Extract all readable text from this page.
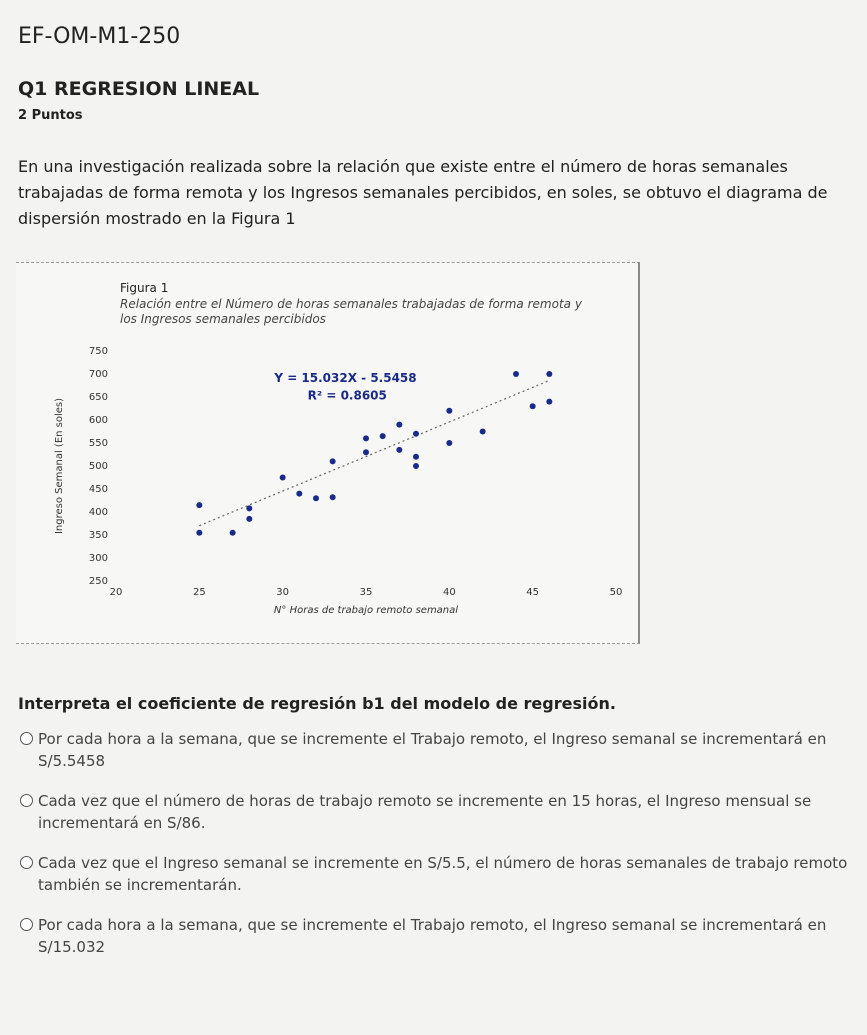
EF-OM-M1-250
Q1 REGRESION LINEAL
2 Puntos
En una investigación realizada sobre la relación que existe entre el número de horas semanales trabajadas de forma remota y los Ingresos semanales percibidos, en soles, se obtuvo el diagrama de dispersión mostrado en la Figura 1
Figura 1
Relación entre el Número de horas semanales trabajadas de forma remota y los Ingresos semanales percibidos
250
300
350
400
450
500
550
600
650
700
750
20	25	30	35	40	45	50
N° Horas de trabajo remoto semanal
Ingreso Semanal (En soles)
Y = 15.032X - 5.5458
R² = 0.8605
Interpreta el coeficiente de regresión b1 del modelo de regresión.
Por cada hora a la semana, que se incremente el Trabajo remoto, el Ingreso semanal se incrementará en S/5.5458
Cada vez que el número de horas de trabajo remoto se incremente en 15 horas, el Ingreso mensual se incrementará en S/86.
Cada vez que el Ingreso semanal se incremente en S/5.5, el número de horas semanales de trabajo remoto también se incrementarán.
Por cada hora a la semana, que se incremente el Trabajo remoto, el Ingreso semanal se incrementará en S/15.032
